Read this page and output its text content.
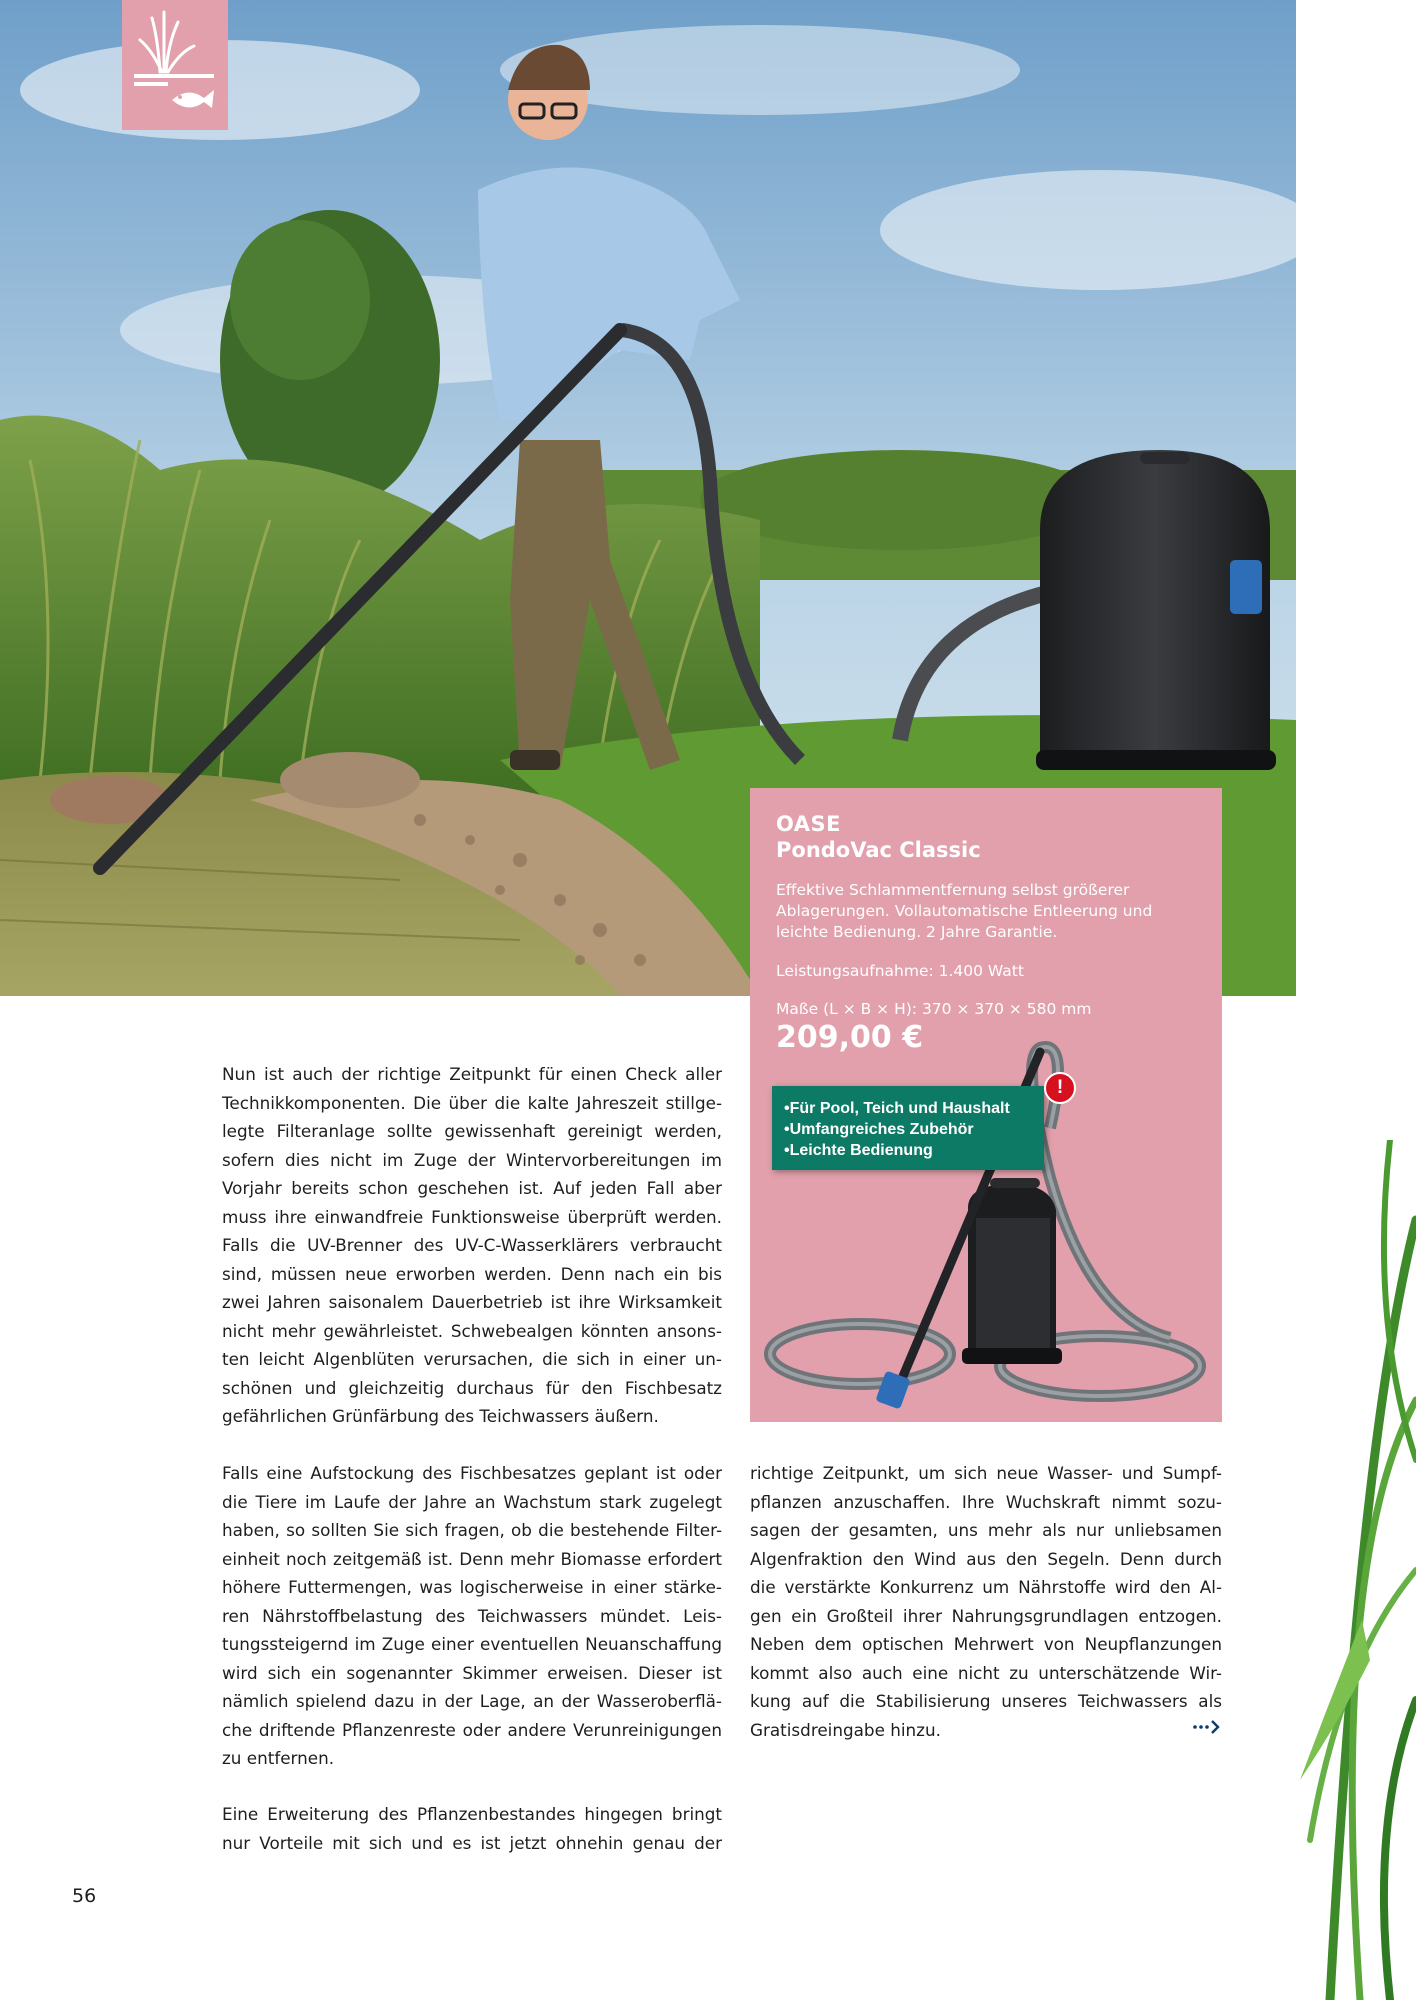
OASE
PondoVac Classic
Effektive Schlammentfernung selbst größerer Ablagerungen. Vollautomatische Entleerung und leichte Bedienung. 2 Jahre Garantie.
Leistungsaufnahme: 1.400 Watt
Maße (L × B × H): 370 × 370 × 580 mm
209,00 €
• Für Pool, Teich und Haushalt
• Umfangreiches Zubehör
• Leichte Bedienung
!
Nun ist auch der richtige Zeitpunkt für einen Check aller
Technikkomponenten. Die über die kalte Jahreszeit stillge-
legte Filteranlage sollte gewissenhaft gereinigt werden,
sofern dies nicht im Zuge der Wintervorbereitungen im
Vorjahr bereits schon geschehen ist. Auf jeden Fall aber
muss ihre einwandfreie Funktionsweise überprüft werden.
Falls die UV-Brenner des UV-C-Wasserklärers verbraucht
sind, müssen neue erworben werden. Denn nach ein bis
zwei Jahren saisonalem Dauerbetrieb ist ihre Wirksamkeit
nicht mehr gewährleistet. Schwebealgen könnten ansons-
ten leicht Algenblüten verursachen, die sich in einer un-
schönen und gleichzeitig durchaus für den Fischbesatz
gefährlichen Grünfärbung des Teichwassers äußern.
Falls eine Aufstockung des Fischbesatzes geplant ist oder
die Tiere im Laufe der Jahre an Wachstum stark zugelegt
haben, so sollten Sie sich fragen, ob die bestehende Filter-
einheit noch zeitgemäß ist. Denn mehr Biomasse erfordert
höhere Futtermengen, was logischerweise in einer stärke-
ren Nährstoffbelastung des Teichwassers mündet. Leis-
tungssteigernd im Zuge einer eventuellen Neuanschaffung
wird sich ein sogenannter Skimmer erweisen. Dieser ist
nämlich spielend dazu in der Lage, an der Wasseroberflä-
che driftende Pflanzenreste oder andere Verunreinigungen
zu entfernen.
Eine Erweiterung des Pflanzenbestandes hingegen bringt
nur Vorteile mit sich und es ist jetzt ohnehin genau der
richtige Zeitpunkt, um sich neue Wasser- und Sumpf-
pflanzen anzuschaffen. Ihre Wuchskraft nimmt sozu-
sagen der gesamten, uns mehr als nur unliebsamen
Algenfraktion den Wind aus den Segeln. Denn durch
die verstärkte Konkurrenz um Nährstoffe wird den Al-
gen ein Großteil ihrer Nahrungsgrundlagen entzogen.
Neben dem optischen Mehrwert von Neupflanzungen
kommt also auch eine nicht zu unterschätzende Wir-
kung auf die Stabilisierung unseres Teichwassers als
Gratisdreingabe hinzu.
56
